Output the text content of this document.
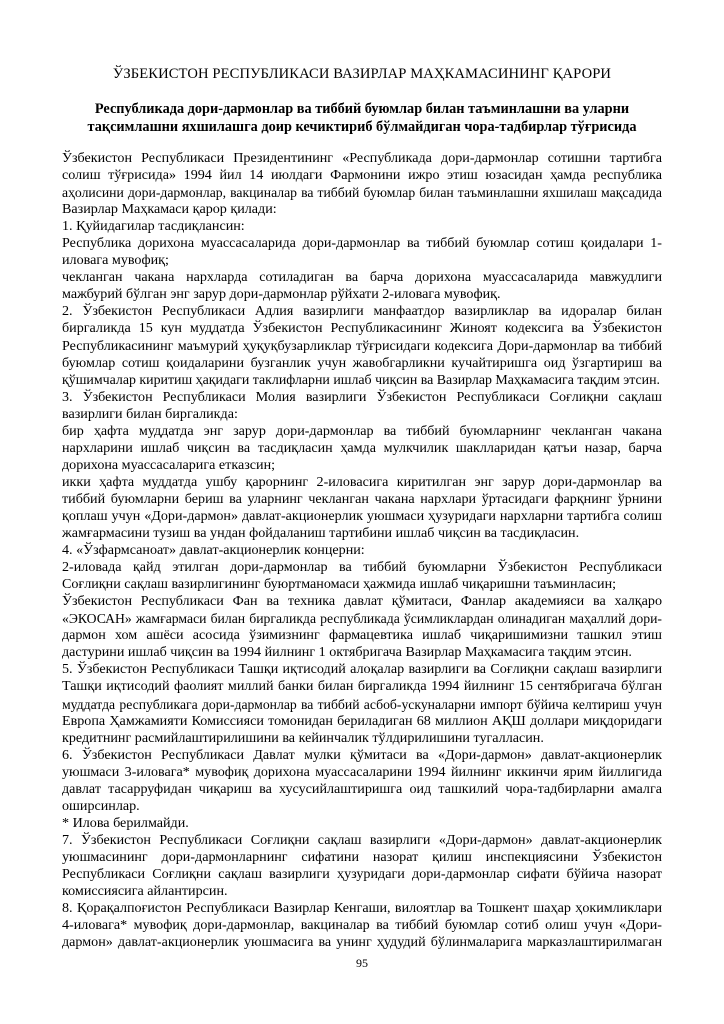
ЎЗБЕКИСТОН РЕСПУБЛИКАСИ ВАЗИРЛАР МАҲКАМАСИНИНГ ҚАРОРИ
Республикада дори-дармонлар ва тиббий буюмлар билан таъминлашни ва уларни
тақсимлашни яхшилашга доир кечиктириб бўлмайдиган чора-тадбирлар тўғрисида
Ўзбекистон Республикаси Президентининг «Республикада дори-дармонлар сотишни тартибга
солиш тўғрисида» 1994 йил 14 июлдаги Фармонини ижро этиш юзасидан ҳамда республика
аҳолисини дори-дармонлар, вакциналар ва тиббий буюмлар билан таъминлашни яхшилаш мақсадида
Вазирлар Маҳкамаси қарор қилади:
1. Қуйидагилар тасдиқлансин:
Республика дорихона муассасаларида дори-дармонлар ва тиббий буюмлар сотиш қоидалари 1-
иловага мувофиқ;
чекланган чакана нархларда сотиладиган ва барча дорихона муассасаларида мавжудлиги
мажбурий бўлган энг зарур дори-дармонлар рўйхати 2-иловага мувофиқ.
2. Ўзбекистон Республикаси Адлия вазирлиги манфаатдор вазирликлар ва идоралар билан
биргаликда 15 кун муддатда Ўзбекистон Республикасининг Жиноят кодексига ва Ўзбекистон
Республикасининг маъмурий ҳуқуқбузарликлар тўғрисидаги кодексига Дори-дармонлар ва тиббий
буюмлар сотиш қоидаларини бузганлик учун жавобгарликни кучайтиришга оид ўзгартириш ва
қўшимчалар киритиш ҳақидаги таклифларни ишлаб чиқсин ва Вазирлар Маҳкамасига тақдим этсин.
3. Ўзбекистон Республикаси Молия вазирлиги Ўзбекистон Республикаси Соғлиқни сақлаш
вазирлиги билан биргаликда:
бир ҳафта муддатда энг зарур дори-дармонлар ва тиббий буюмларнинг чекланган чакана
нархларини ишлаб чиқсин ва тасдиқласин ҳамда мулкчилик шаклларидан қатъи назар, барча
дорихона муассасаларига етказсин;
икки ҳафта муддатда ушбу қарорнинг 2-иловасига киритилган энг зарур дори-дармонлар ва
тиббий буюмларни бериш ва уларнинг чекланган чакана нархлари ўртасидаги фарқнинг ўрнини
қоплаш учун «Дори-дармон» давлат-акционерлик уюшмаси ҳузуридаги нархларни тартибга солиш
жамғармасини тузиш ва ундан фойдаланиш тартибини ишлаб чиқсин ва тасдиқласин.
4. «Ўзфармсаноат» давлат-акционерлик концерни:
2-иловада қайд этилган дори-дармонлар ва тиббий буюмларни Ўзбекистон Республикаси
Соғлиқни сақлаш вазирлигининг буюртманомаси ҳажмида ишлаб чиқаришни таъминласин;
Ўзбекистон Республикаси Фан ва техника давлат қўмитаси, Фанлар академияси ва халқаро
«ЭКОСАН» жамғармаси билан биргаликда республикада ўсимликлардан олинадиган маҳаллий дори-
дармон хом ашёси асосида ўзимизнинг фармацевтика ишлаб чиқаришимизни ташкил этиш
дастурини ишлаб чиқсин ва 1994 йилнинг 1 октябригача Вазирлар Маҳкамасига тақдим этсин.
5. Ўзбекистон Республикаси Ташқи иқтисодий алоқалар вазирлиги ва Соғлиқни сақлаш вазирлиги
Ташқи иқтисодий фаолият миллий банки билан биргаликда 1994 йилнинг 15 сентябригача бўлган
муддатда республикага дори-дармонлар ва тиббий асбоб-ускуналарни импорт бўйича келтириш учун
Европа Ҳамжамияти Комиссияси томонидан бериладиган 68 миллион АҚШ доллари миқдоридаги
кредитнинг расмийлаштирилишини ва кейинчалик тўлдирилишини тугалласин.
6. Ўзбекистон Республикаси Давлат мулки қўмитаси ва «Дори-дармон» давлат-акционерлик
уюшмаси 3-иловага* мувофиқ дорихона муассасаларини 1994 йилнинг иккинчи ярим йиллигида
давлат тасарруфидан чиқариш ва хусусийлаштиришга оид ташкилий чора-тадбирларни амалга
оширсинлар.
* Илова берилмайди.
7. Ўзбекистон Республикаси Соғлиқни сақлаш вазирлиги «Дори-дармон» давлат-акционерлик
уюшмасининг дори-дармонларнинг сифатини назорат қилиш инспекциясини Ўзбекистон
Республикаси Соғлиқни сақлаш вазирлиги ҳузуридаги дори-дармонлар сифати бўйича назорат
комиссиясига айлантирсин.
8. Қорақалпоғистон Республикаси Вазирлар Кенгаши, вилоятлар ва Тошкент шаҳар ҳокимликлари
4-иловага* мувофиқ дори-дармонлар, вакциналар ва тиббий буюмлар сотиб олиш учун «Дори-
дармон» давлат-акционерлик уюшмасига ва унинг ҳудудий бўлинмаларига марказлаштирилмаган
95
